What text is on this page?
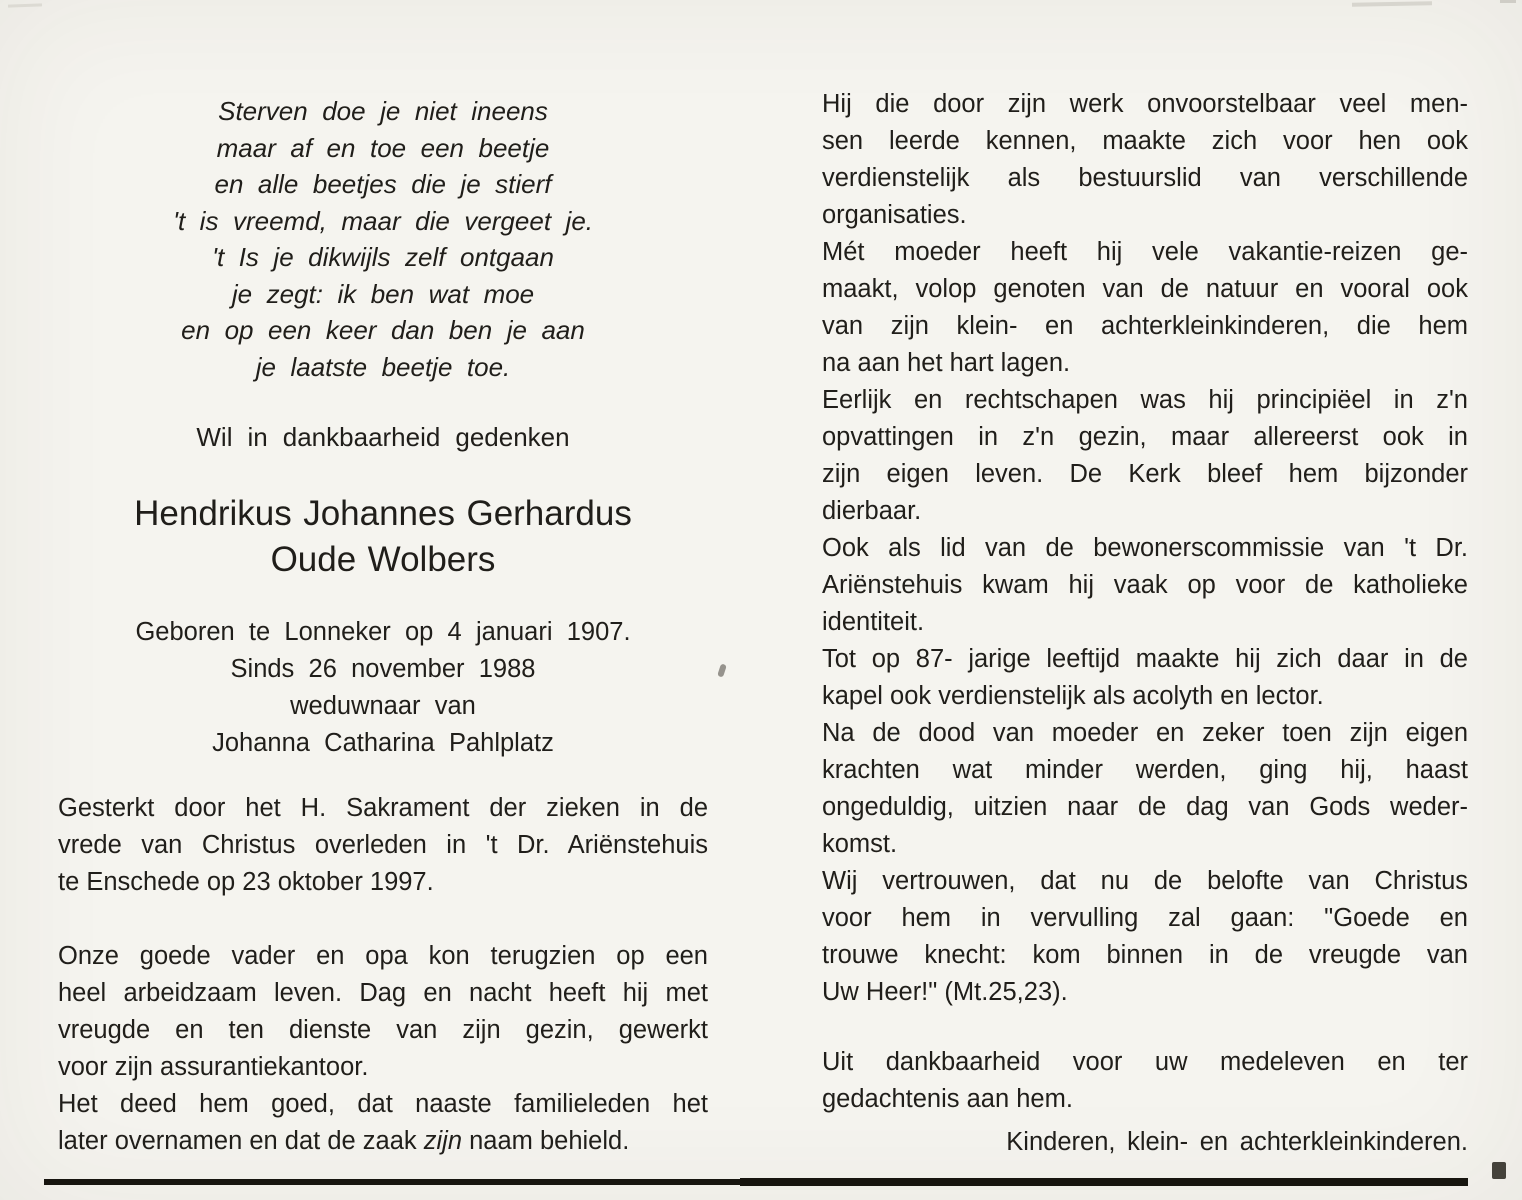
Sterven doe je niet ineens
maar af en toe een beetje
en alle beetjes die je stierf
't is vreemd, maar die vergeet je.
't Is je dikwijls zelf ontgaan
je zegt: ik ben wat moe
en op een keer dan ben je aan
je laatste beetje toe.
Wil in dankbaarheid gedenken
Hendrikus Johannes Gerhardus
Oude Wolbers
Geboren te Lonneker op 4 januari 1907.
Sinds 26 november 1988
weduwnaar van
Johanna Catharina Pahlplatz
Gesterkt door het H. Sakrament der zieken in de
vrede van Christus overleden in 't Dr. Ariënstehuis
te Enschede op 23 oktober 1997.
Onze goede vader en opa kon terugzien op een
heel arbeidzaam leven. Dag en nacht heeft hij met
vreugde en ten dienste van zijn gezin, gewerkt
voor zijn assurantiekantoor.
Het deed hem goed, dat naaste familieleden het
later overnamen en dat de zaak zijn naam behield.
Hij die door zijn werk onvoorstelbaar veel men-
sen leerde kennen, maakte zich voor hen ook
verdienstelijk als bestuurslid van verschillende
organisaties.
Mét moeder heeft hij vele vakantie-reizen ge-
maakt, volop genoten van de natuur en vooral ook
van zijn klein- en achterkleinkinderen, die hem
na aan het hart lagen.
Eerlijk en rechtschapen was hij principiëel in z'n
opvattingen in z'n gezin, maar allereerst ook in
zijn eigen leven. De Kerk bleef hem bijzonder
dierbaar.
Ook als lid van de bewonerscommissie van 't Dr.
Ariënstehuis kwam hij vaak op voor de katholieke
identiteit.
Tot op 87- jarige leeftijd maakte hij zich daar in de
kapel ook verdienstelijk als acolyth en lector.
Na de dood van moeder en zeker toen zijn eigen
krachten wat minder werden, ging hij, haast
ongeduldig, uitzien naar de dag van Gods weder-
komst.
Wij vertrouwen, dat nu de belofte van Christus
voor hem in vervulling zal gaan: "Goede en
trouwe knecht: kom binnen in de vreugde van
Uw Heer!" (Mt.25,23).
Uit dankbaarheid voor uw medeleven en ter
gedachtenis aan hem.
Kinderen, klein- en achterkleinkinderen.
